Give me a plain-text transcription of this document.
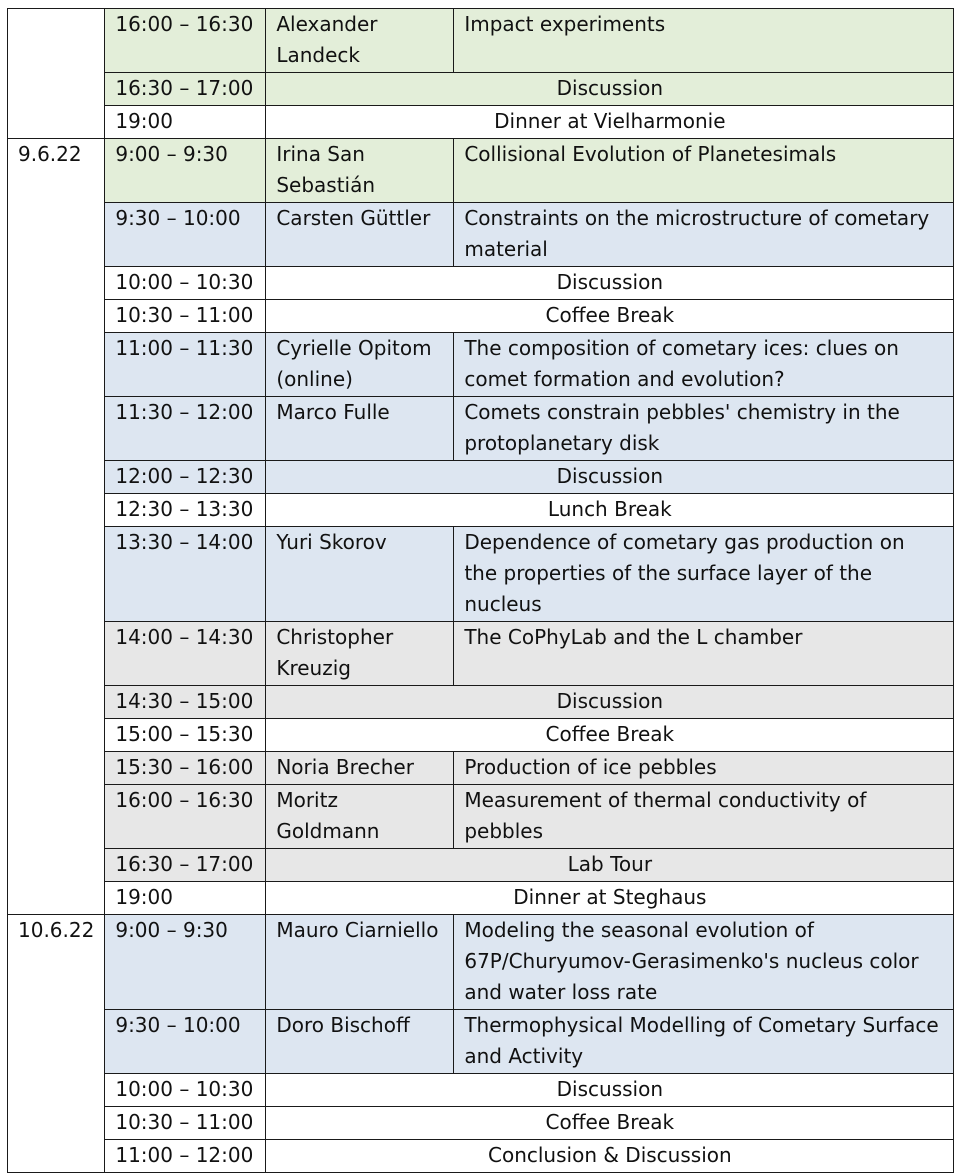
	16:00 – 16:30	Alexander Landeck	Impact experiments
	16:30 – 17:00	Discussion	
	19:00	Dinner at Vielharmonie	
9.6.22	9:00 – 9:30	Irina San Sebastián	Collisional Evolution of Planetesimals
	9:30 – 10:00	Carsten Güttler	Constraints on the microstructure of cometary material
	10:00 – 10:30	Discussion	
	10:30 – 11:00	Coffee Break	
	11:00 – 11:30	Cyrielle Opitom (online)	The composition of cometary ices: clues on comet formation and evolution?
	11:30 – 12:00	Marco Fulle	Comets constrain pebbles' chemistry in the protoplanetary disk
	12:00 – 12:30	Discussion	
	12:30 – 13:30	Lunch Break	
	13:30 – 14:00	Yuri Skorov	Dependence of cometary gas production on the properties of the surface layer of the nucleus
	14:00 – 14:30	Christopher Kreuzig	The CoPhyLab and the L chamber
	14:30 – 15:00	Discussion	
	15:00 – 15:30	Coffee Break	
	15:30 – 16:00	Noria Brecher	Production of ice pebbles
	16:00 – 16:30	Moritz Goldmann	Measurement of thermal conductivity of pebbles
	16:30 – 17:00	Lab Tour	
	19:00	Dinner at Steghaus	
10.6.22	9:00 – 9:30	Mauro Ciarniello	Modeling the seasonal evolution of 67P/Churyumov-Gerasimenko's nucleus color and water loss rate
	9:30 – 10:00	Doro Bischoff	Thermophysical Modelling of Cometary Surface and Activity
	10:00 – 10:30	Discussion	
	10:30 – 11:00	Coffee Break	
	11:00 – 12:00	Conclusion & Discussion	
